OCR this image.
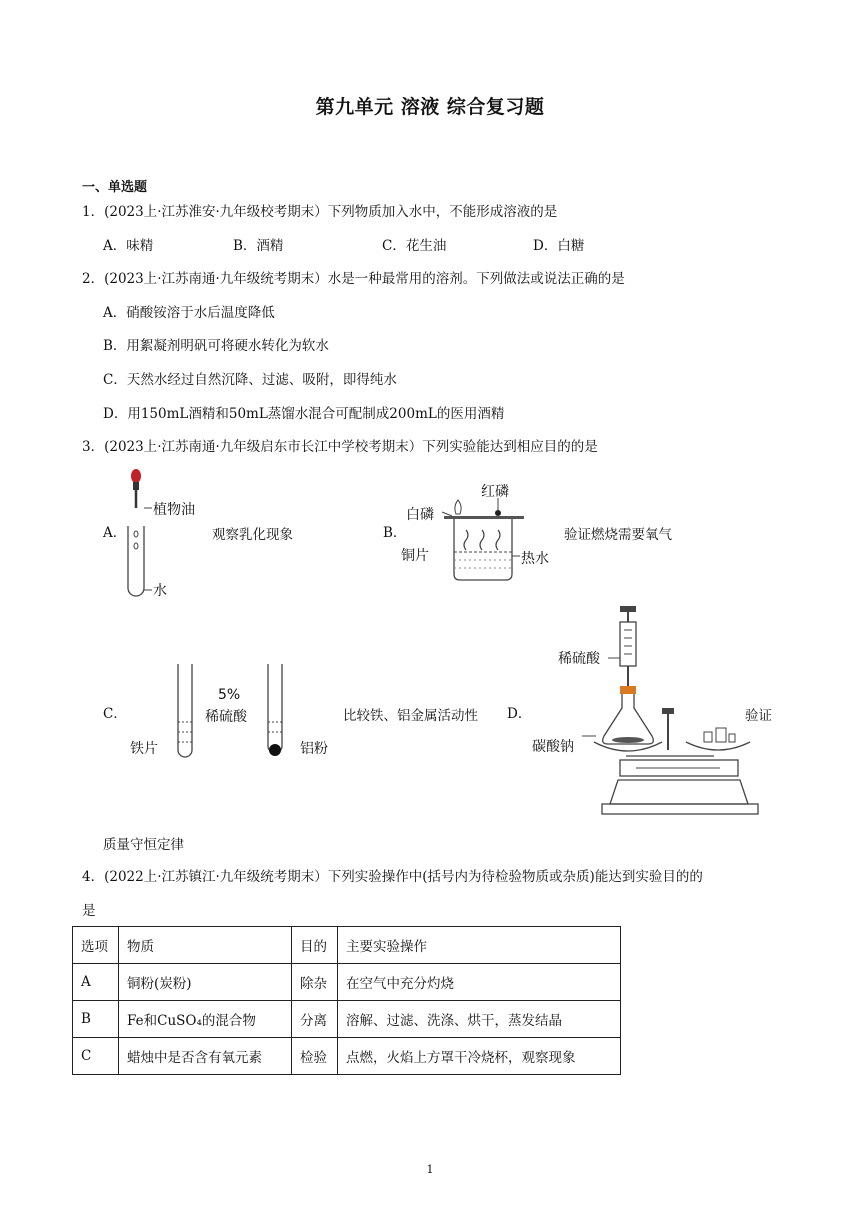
第九单元 溶液 综合复习题
一、单选题
1．(2023上·江苏淮安·九年级校考期末）下列物质加入水中，不能形成溶液的是
A．味精	B．酒精	C．花生油	D．白糖
2．(2023上·江苏南通·九年级统考期末）水是一种最常用的溶剂。下列做法或说法正确的是
A．硝酸铵溶于水后温度降低
B．用絮凝剂明矾可将硬水转化为软水
C．天然水经过自然沉降、过滤、吸附，即得纯水
D．用150mL酒精和50mL蒸馏水混合可配制成200mL的医用酒精
3．(2023上·江苏南通·九年级启东市长江中学校考期末）下列实验能达到相应目的的是
A．
植物油
水
观察乳化现象	B．
白磷
红磷
铜片	热水
验证燃烧需要氧气
C．
5%
稀硫酸
铁片	铝粉
比较铁、铝金属活动性 D．
稀硫酸
碳酸钠
验证
质量守恒定律
4．(2022上·江苏镇江·九年级统考期末）下列实验操作中(括号内为待检验物质或杂质)能达到实验目的的
是
选项	物质	目的	主要实验操作
A	铜粉(炭粉)	除杂	在空气中充分灼烧
B	Fe和CuSO₄的混合物	分离	溶解、过滤、洗涤、烘干，蒸发结晶
C	蜡烛中是否含有氧元素	检验	点燃，火焰上方罩干冷烧杯，观察现象
1
